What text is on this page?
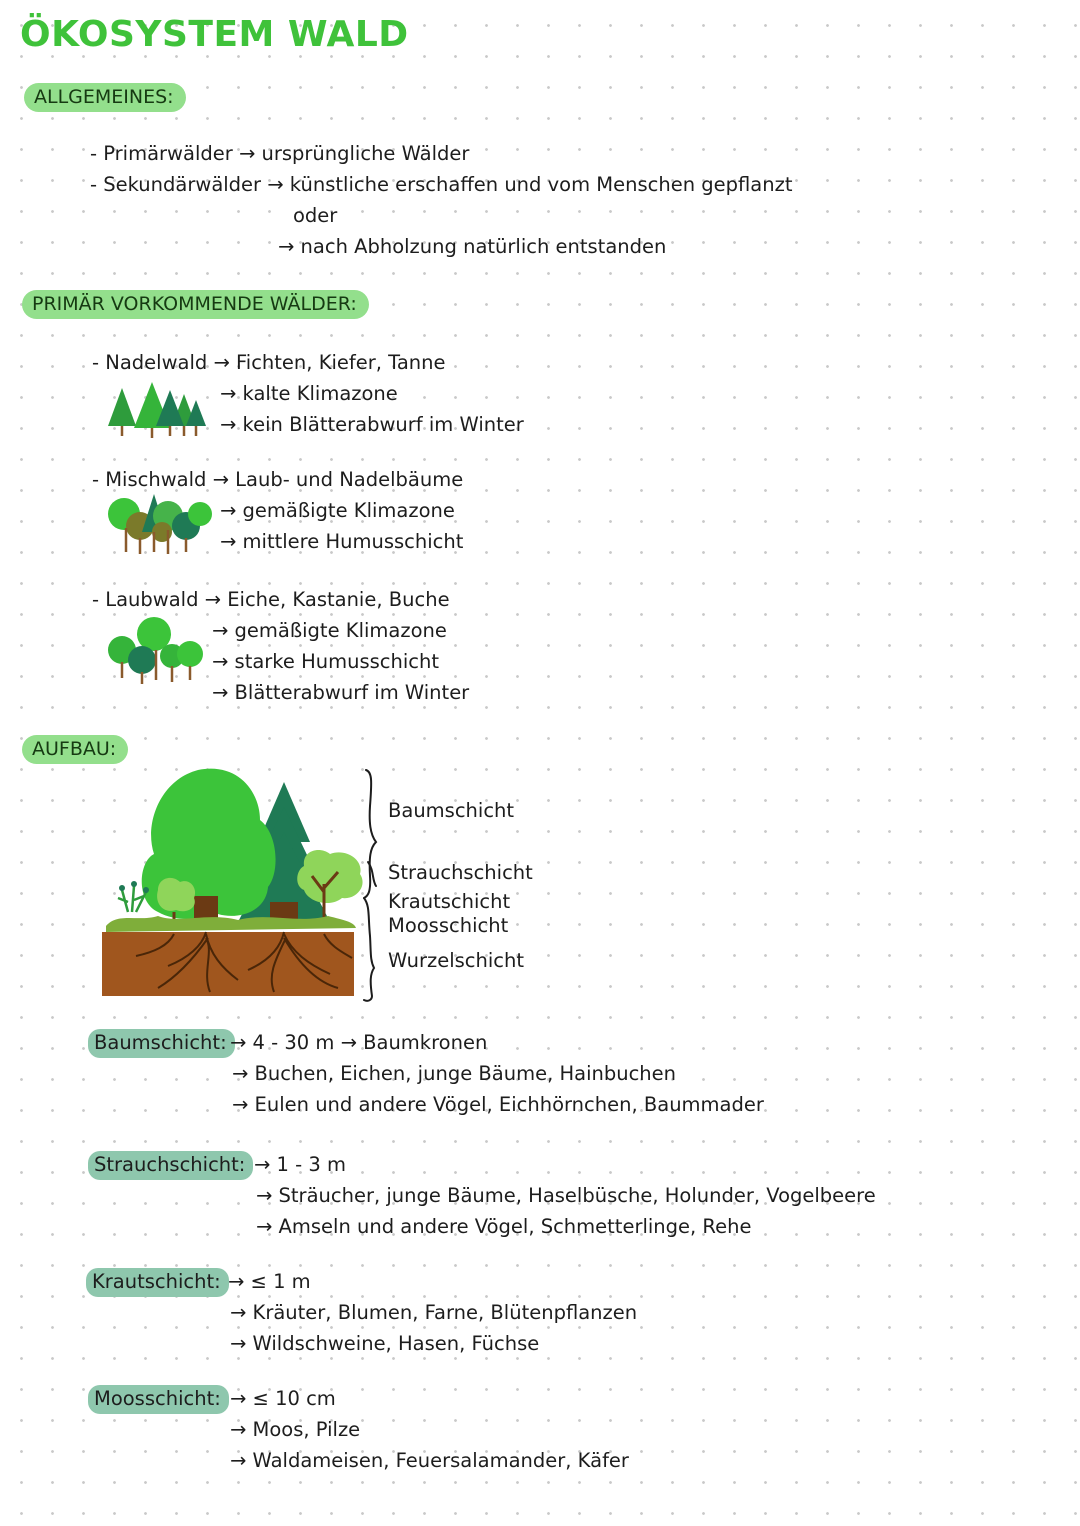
ÖKOSYSTEM WALD
ALLGEMEINES:
- Primärwälder → ursprüngliche Wälder
- Sekundärwälder → künstliche erschaffen und vom Menschen gepflanzt
oder
→ nach Abholzung natürlich entstanden
PRIMÄR VORKOMMENDE WÄLDER:
- Nadelwald → Fichten, Kiefer, Tanne
→ kalte Klimazone
→ kein Blätterabwurf im Winter
- Mischwald → Laub- und Nadelbäume
→ gemäßigte Klimazone
→ mittlere Humusschicht
- Laubwald → Eiche, Kastanie, Buche
→ gemäßigte Klimazone
→ starke Humusschicht
→ Blätterabwurf im Winter
AUFBAU:
Baumschicht
Strauchschicht
Krautschicht
Moosschicht
Wurzelschicht
Baumschicht: → 4 - 30 m → Baumkronen
→ Buchen, Eichen, junge Bäume, Hainbuchen
→ Eulen und andere Vögel, Eichhörnchen, Baummader
Strauchschicht: → 1 - 3 m
→ Sträucher, junge Bäume, Haselbüsche, Holunder, Vogelbeere
→ Amseln und andere Vögel, Schmetterlinge, Rehe
Krautschicht: → ≤ 1 m
→ Kräuter, Blumen, Farne, Blütenpflanzen
→ Wildschweine, Hasen, Füchse
Moosschicht: → ≤ 10 cm
→ Moos, Pilze
→ Waldameisen, Feuersalamander, Käfer
